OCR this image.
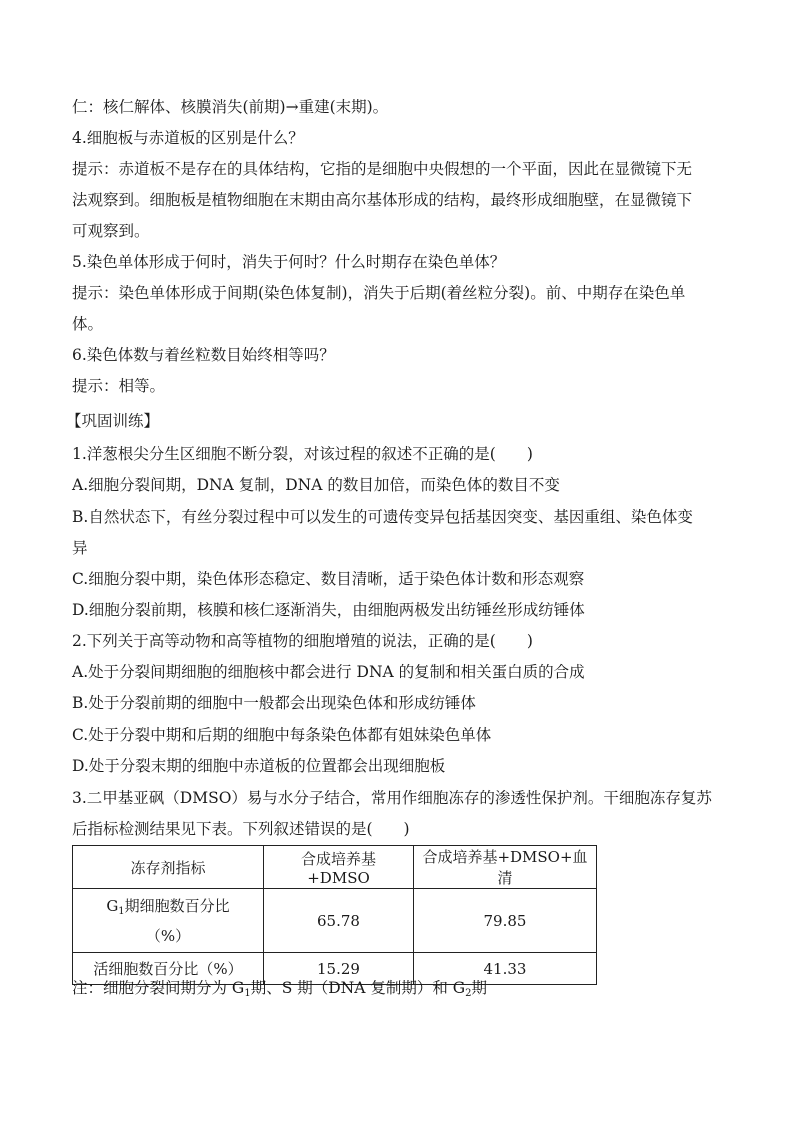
仁：核仁解体、核膜消失(前期)→重建(末期)。
4.细胞板与赤道板的区别是什么？
提示：赤道板不是存在的具体结构，它指的是细胞中央假想的一个平面，因此在显微镜下无
法观察到。细胞板是植物细胞在末期由高尔基体形成的结构，最终形成细胞壁，在显微镜下
可观察到。
5.染色单体形成于何时，消失于何时？什么时期存在染色单体？
提示：染色单体形成于间期(染色体复制)，消失于后期(着丝粒分裂)。前、中期存在染色单
体。
6.染色体数与着丝粒数目始终相等吗？
提示：相等。
【巩固训练】
1.洋葱根尖分生区细胞不断分裂，对该过程的叙述不正确的是(　　)
A.细胞分裂间期，DNA 复制，DNA 的数目加倍，而染色体的数目不变
B.自然状态下，有丝分裂过程中可以发生的可遗传变异包括基因突变、基因重组、染色体变
异
C.细胞分裂中期，染色体形态稳定、数目清晰，适于染色体计数和形态观察
D.细胞分裂前期，核膜和核仁逐渐消失，由细胞两极发出纺锤丝形成纺锤体
2.下列关于高等动物和高等植物的细胞增殖的说法，正确的是(　　)
A.处于分裂间期细胞的细胞核中都会进行 DNA 的复制和相关蛋白质的合成
B.处于分裂前期的细胞中一般都会出现染色体和形成纺锤体
C.处于分裂中期和后期的细胞中每条染色体都有姐妹染色单体
D.处于分裂末期的细胞中赤道板的位置都会出现细胞板
3.二甲基亚砜（DMSO）易与水分子结合，常用作细胞冻存的渗透性保护剂。干细胞冻存复苏
后指标检测结果见下表。下列叙述错误的是(　　)
冻存剂指标	合成培养基+DMSO	合成培养基+DMSO+血清

$G_1$期细胞数百分比
（%）	65.78	79.85
活细胞数百分比（%）	15.29	41.33
注：细胞分裂间期分为 $G_1$期、S 期（DNA 复制期）和 $G_2$期
